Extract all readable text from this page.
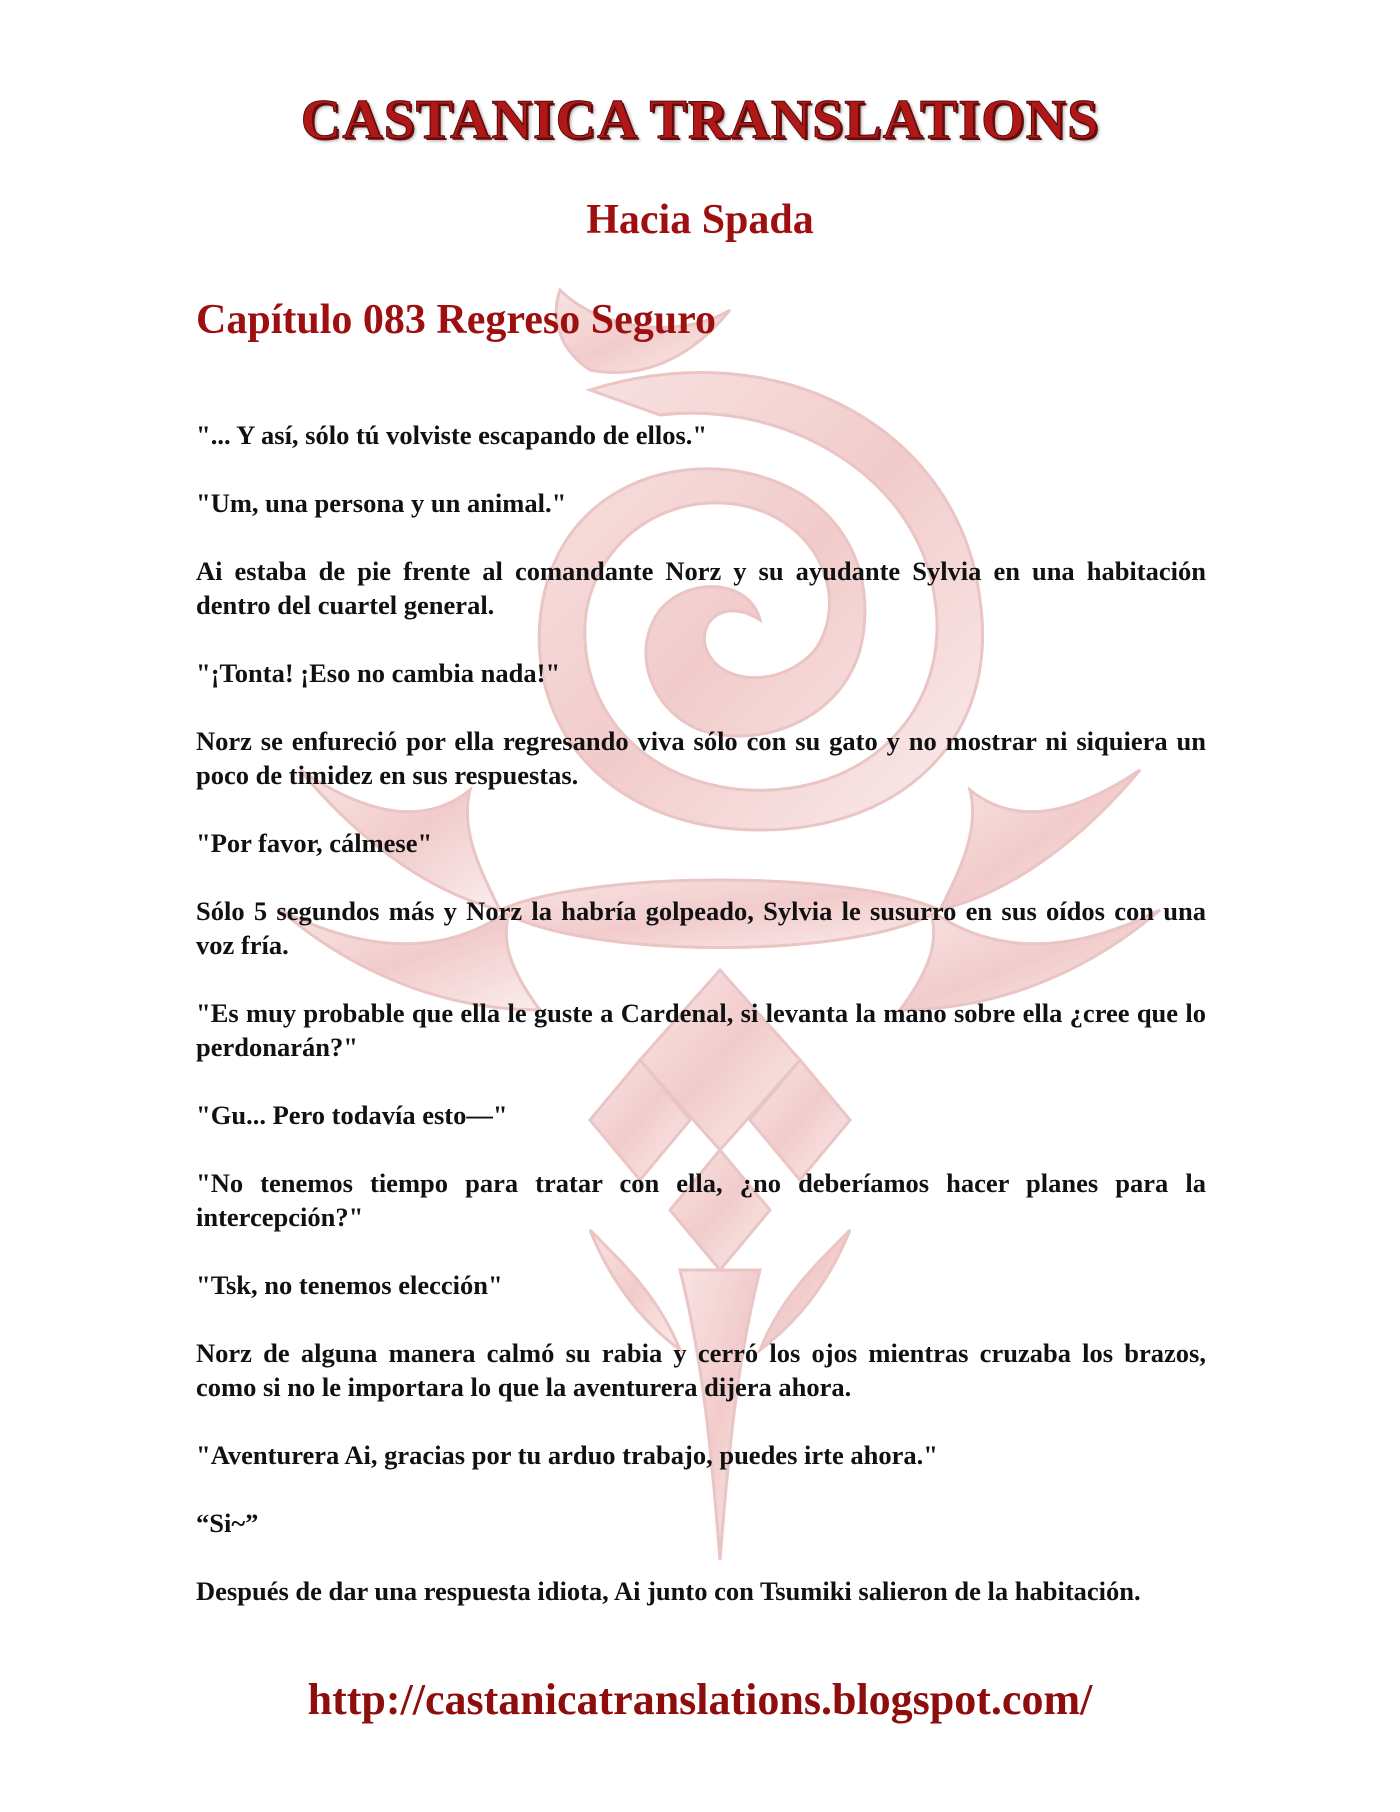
CASTANICA TRANSLATIONS
Hacia Spada
Capítulo 083 Regreso Seguro

"... Y así, sólo tú volviste escapando de ellos."

"Um, una persona y un animal."

Ai estaba de pie frente al comandante Norz y su ayudante Sylvia en una habitación dentro del cuartel general.

"¡Tonta! ¡Eso no cambia nada!"

Norz se enfureció por ella regresando viva sólo con su gato y no mostrar ni siquiera un poco de timidez en sus respuestas.

"Por favor, cálmese"

Sólo 5 segundos más y Norz la habría golpeado, Sylvia le susurro en sus oídos con una voz fría.

"Es muy probable que ella le guste a Cardenal, si levanta la mano sobre ella ¿cree que lo perdonarán?"

"Gu... Pero todavía esto—"

"No tenemos tiempo para tratar con ella, ¿no deberíamos hacer planes para la intercepción?"

"Tsk, no tenemos elección"

Norz de alguna manera calmó su rabia y cerró los ojos mientras cruzaba los brazos, como si no le importara lo que la aventurera dijera ahora.

"Aventurera Ai, gracias por tu arduo trabajo, puedes irte ahora."

“Si~”

Después de dar una respuesta idiota, Ai junto con Tsumiki salieron de la habitación.

http://castanicatranslations.blogspot.com/
